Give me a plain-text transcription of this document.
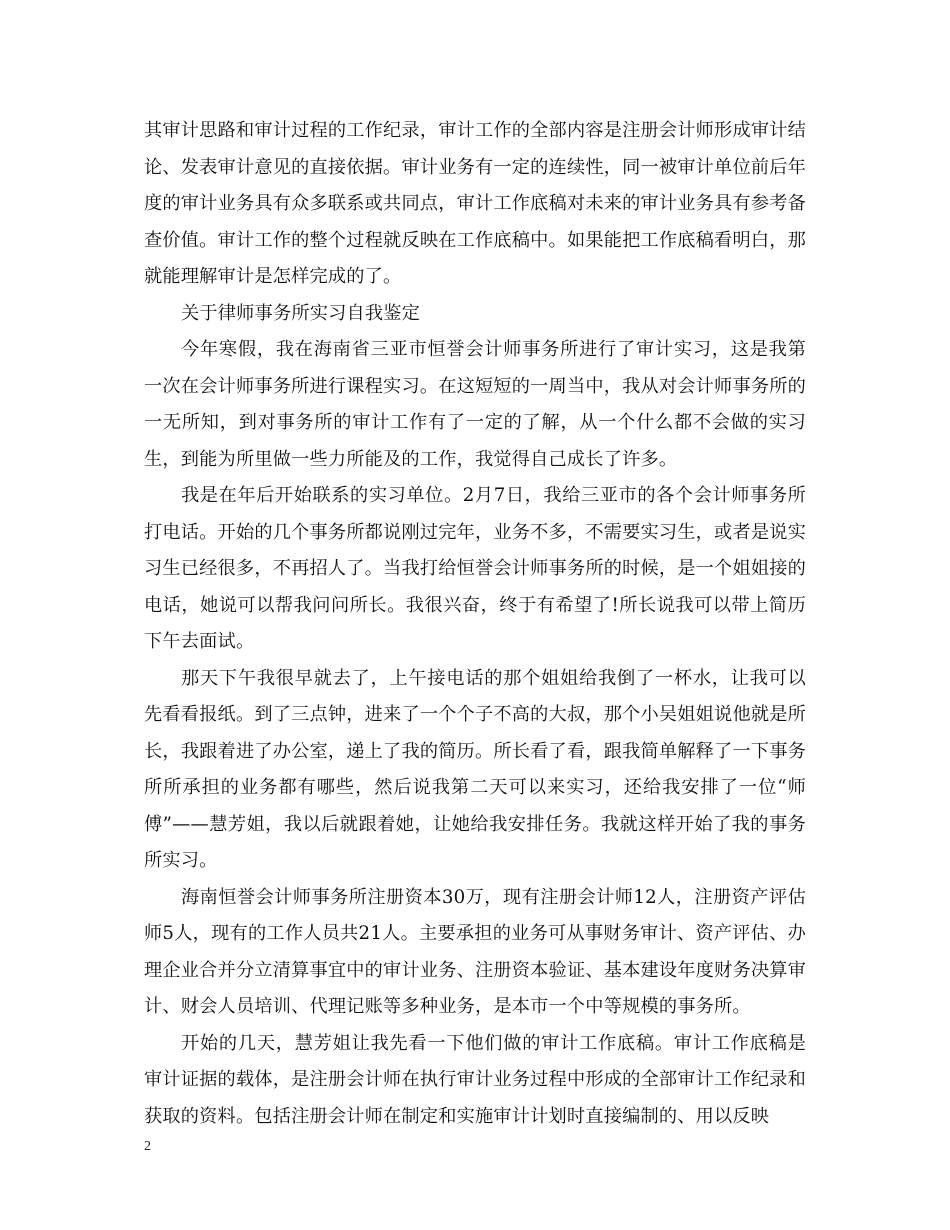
其审计思路和审计过程的工作纪录，审计工作的全部内容是注册会计师形成审计结论、发表审计意见的直接依据。审计业务有一定的连续性，同一被审计单位前后年度的审计业务具有众多联系或共同点，审计工作底稿对未来的审计业务具有参考备查价值。审计工作的整个过程就反映在工作底稿中。如果能把工作底稿看明白，那就能理解审计是怎样完成的了。

关于律师事务所实习自我鉴定

今年寒假，我在海南省三亚市恒誉会计师事务所进行了审计实习，这是我第一次在会计师事务所进行课程实习。在这短短的一周当中，我从对会计师事务所的一无所知，到对事务所的审计工作有了一定的了解，从一个什么都不会做的实习生，到能为所里做一些力所能及的工作，我觉得自己成长了许多。

我是在年后开始联系的实习单位。2月7日，我给三亚市的各个会计师事务所打电话。开始的几个事务所都说刚过完年，业务不多，不需要实习生，或者是说实习生已经很多，不再招人了。当我打给恒誉会计师事务所的时候，是一个姐姐接的电话，她说可以帮我问问所长。我很兴奋，终于有希望了!所长说我可以带上简历下午去面试。

那天下午我很早就去了，上午接电话的那个姐姐给我倒了一杯水，让我可以先看看报纸。到了三点钟，进来了一个个子不高的大叔，那个小吴姐姐说他就是所长，我跟着进了办公室，递上了我的简历。所长看了看，跟我简单解释了一下事务所所承担的业务都有哪些，然后说我第二天可以来实习，还给我安排了一位“师傅”——慧芳姐，我以后就跟着她，让她给我安排任务。我就这样开始了我的事务所实习。

海南恒誉会计师事务所注册资本30万，现有注册会计师12人，注册资产评估师5人，现有的工作人员共21人。主要承担的业务可从事财务审计、资产评估、办理企业合并分立清算事宜中的审计业务、注册资本验证、基本建设年度财务决算审计、财会人员培训、代理记账等多种业务，是本市一个中等规模的事务所。

开始的几天，慧芳姐让我先看一下他们做的审计工作底稿。审计工作底稿是审计证据的载体，是注册会计师在执行审计业务过程中形成的全部审计工作纪录和获取的资料。包括注册会计师在制定和实施审计计划时直接编制的、用以反映

2
